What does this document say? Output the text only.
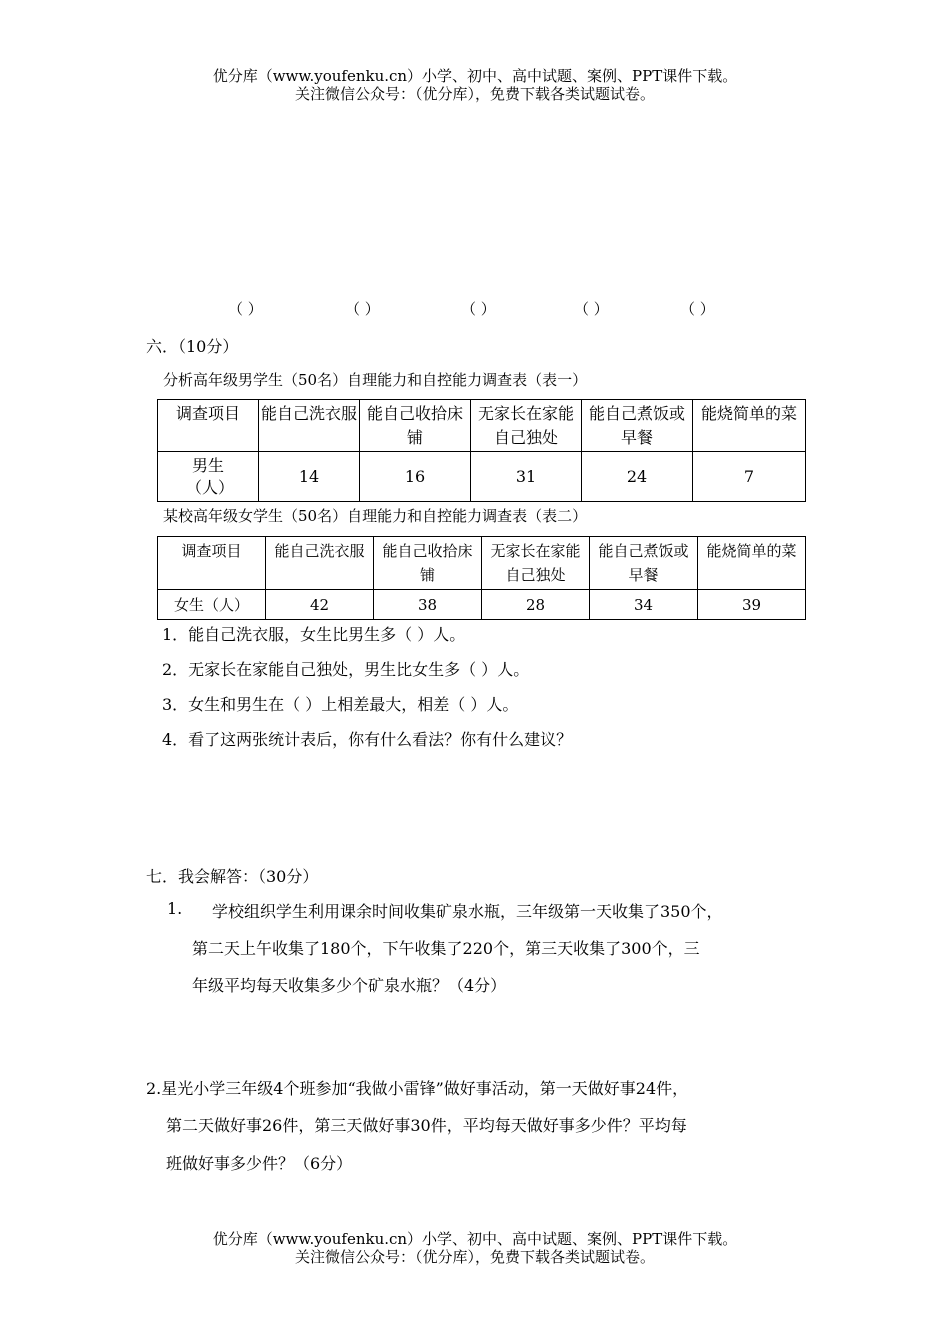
优分库（www.youfenku.cn）小学、初中、高中试题、案例、PPT课件下载。
关注微信公众号：（优分库），免费下载各类试题试卷。
（ ）	（ ）	（ ）	（ ）	（ ）
六．（10分）
分析高年级男学生（50名）自理能力和自控能力调查表（表一）
调查项目	能自己洗衣服	能自己收拾床铺	无家长在家能自己独处	能自己煮饭或早餐	能烧简单的菜
男生（人）	14	16	31	24	7
某校高年级女学生（50名）自理能力和自控能力调查表（表二）
调查项目	能自己洗衣服	能自己收拾床铺	无家长在家能自己独处	能自己煮饭或早餐	能烧简单的菜
女生（人）	42	38	28	34	39
1．能自己洗衣服，女生比男生多（ ）人。
2．无家长在家能自己独处，男生比女生多（ ）人。
3．女生和男生在（ ）上相差最大，相差（ ）人。
4．看了这两张统计表后，你有什么看法？你有什么建议？
七．我会解答：（30分）
1. 学校组织学生利用课余时间收集矿泉水瓶，三年级第一天收集了350个，
第二天上午收集了180个，下午收集了220个，第三天收集了300个，三
年级平均每天收集多少个矿泉水瓶？（4分）
2.星光小学三年级4个班参加“我做小雷锋”做好事活动，第一天做好事24件，
第二天做好事26件，第三天做好事30件，平均每天做好事多少件？平均每
班做好事多少件？（6分）
优分库（www.youfenku.cn）小学、初中、高中试题、案例、PPT课件下载。
关注微信公众号：（优分库），免费下载各类试题试卷。
